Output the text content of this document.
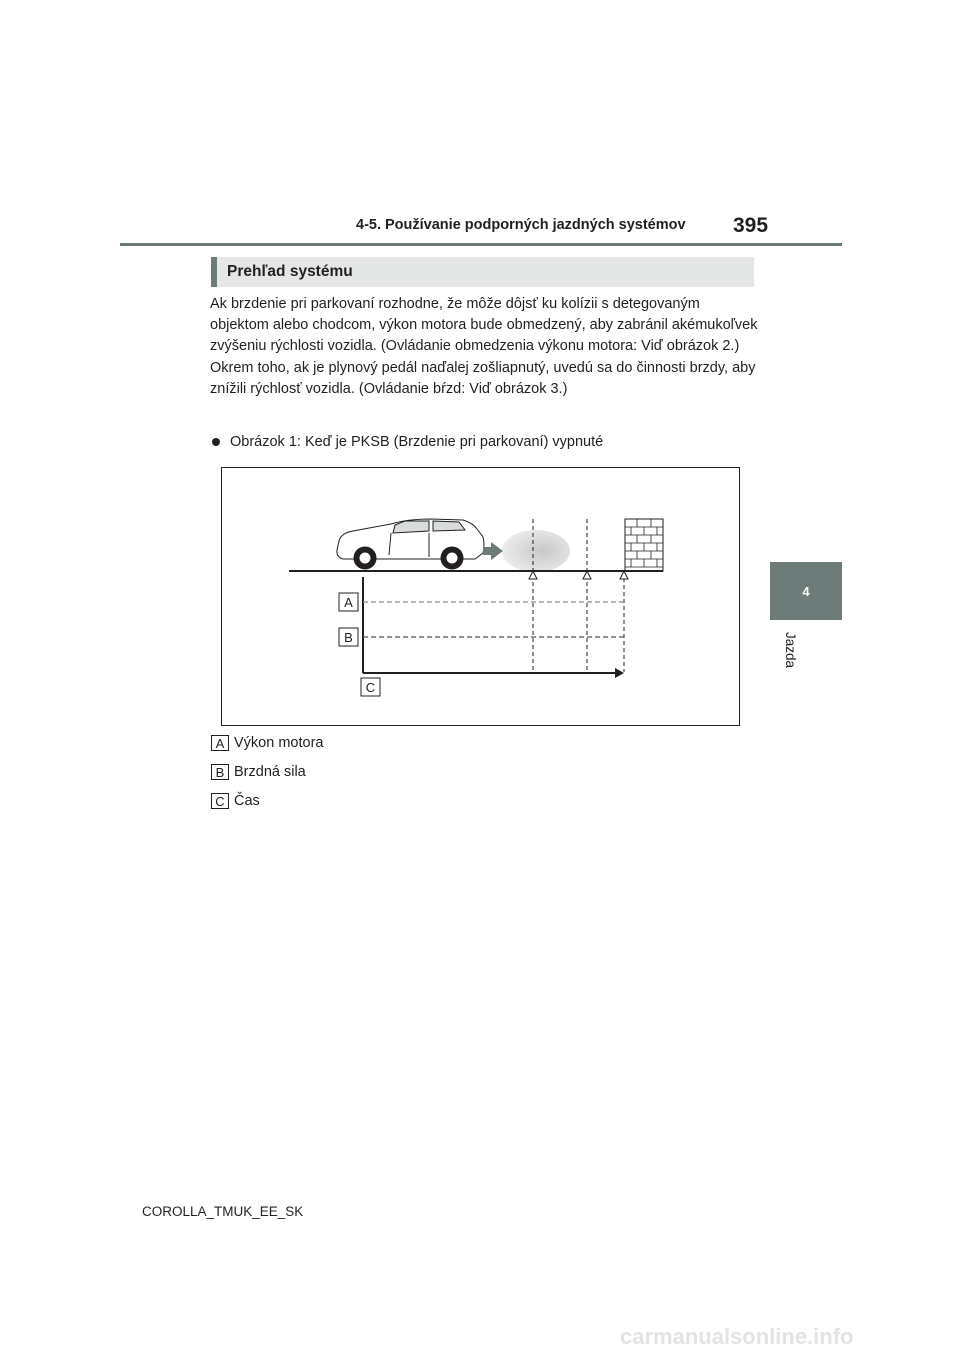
4-5. Používanie podporných jazdných systémov 395
4
Jazda
Prehľad systému

Ak brzdenie pri parkovaní rozhodne, že môže dôjsť ku kolízii s detegovaným objektom alebo chodcom, výkon motora bude obmedzený, aby zabránil akémukoľvek zvýšeniu rýchlosti vozidla. (Ovládanie obmedzenia výkonu motora: Viď obrázok 2.)

Okrem toho, ak je plynový pedál naďalej zošliapnutý, uvedú sa do činnosti brzdy, aby znížili rýchlosť vozidla. (Ovládanie bŕzd: Viď obrázok 3.)

Obrázok 1: Keď je PKSB (Brzdenie pri parkovaní) vypnuté
A
B
C
A Výkon motora
B Brzdná sila
C Čas
COROLLA_TMUK_EE_SK
carmanualsonline.info
